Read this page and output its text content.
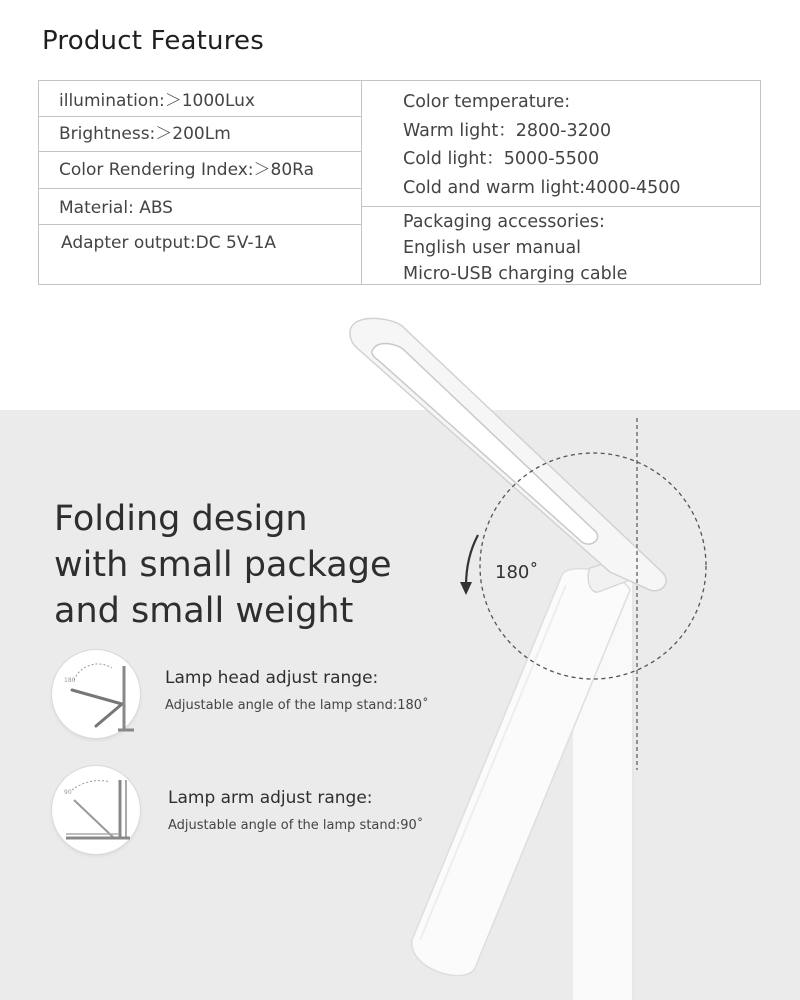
Product Features
illumination:＞1000Lux
Brightness:＞200Lm
Color Rendering Index:＞80Ra
Material: ABS
Adapter output:DC 5V-1A
Color temperature:
Warm light：2800-3200
Cold light：5000-5500
Cold and warm light:4000-4500
Packaging accessories:
English user manual
Micro-USB charging cable
Folding design
with small package
and small weight
180˚
180	Lamp head adjust range:
Adjustable angle of the lamp stand:180˚
90	Lamp arm adjust range:
Adjustable angle of the lamp stand:90˚
